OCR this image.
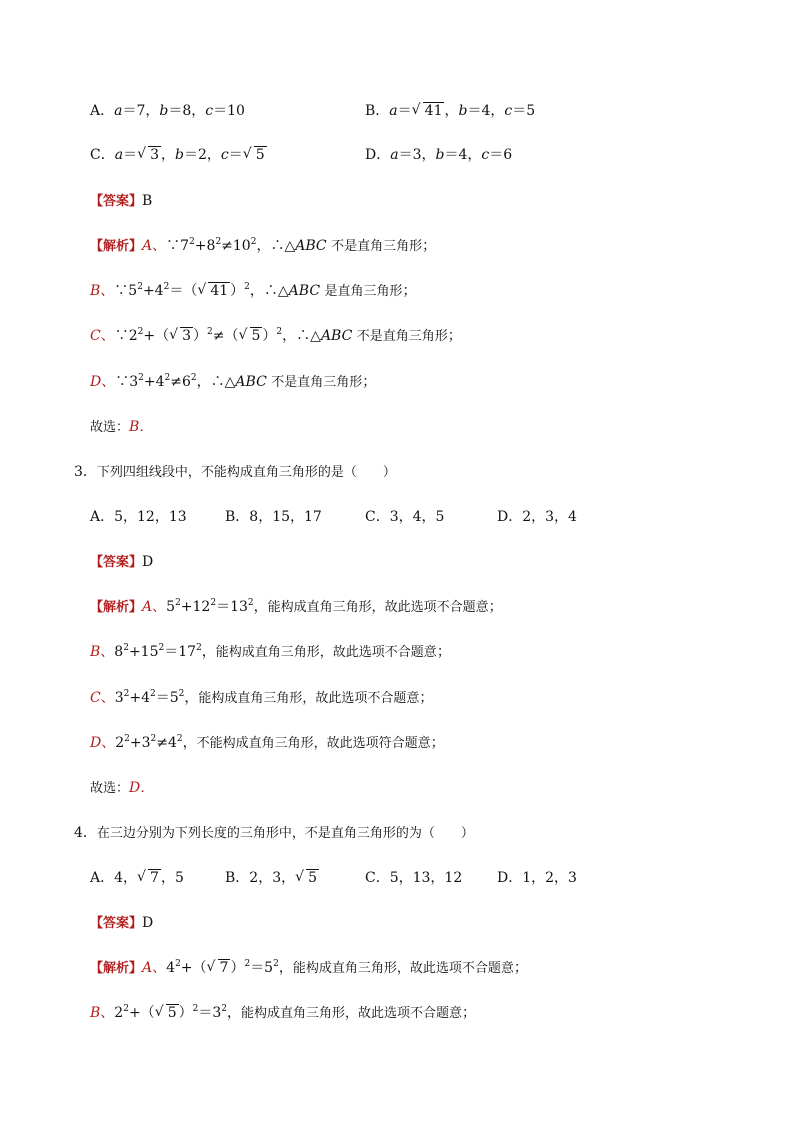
A．a＝7，b＝8，c＝10	B．a＝ √ 41 ，b＝4，c＝5
C．a＝ √ 3 ，b＝2，c＝ √ 5	D．a＝3，b＝4，c＝6
【答案】B
【解析】A、$\because 7^2+8^2\ne 10^2$，∴△ABC 不是直角三角形；
B、$\because 5^2+4^2=$（ √ 41 ）$^2$，∴△ABC 是直角三角形；
C、$\because 2^2+$（ √ 3 ）$^2$≠（ √ 5 ）$^2$，∴△ABC 不是直角三角形；
D、$\because 3^2+4^2\ne 6^2$，∴△ABC 不是直角三角形；
故选：B．
3．下列四组线段中，不能构成直角三角形的是（　　）
A．5，12，13	B．8，15，17	C．3，4，5	D．2，3，4
【答案】D
【解析】A、$5^2+12^2=13^2$，能构成直角三角形，故此选项不合题意；
B、$8^2+15^2=17^2$，能构成直角三角形，故此选项不合题意；
C、$3^2+4^2=5^2$，能构成直角三角形，故此选项不合题意；
D、$2^2+3^2\ne 4^2$，不能构成直角三角形，故此选项符合题意；
故选：D．
4．在三边分别为下列长度的三角形中，不是直角三角形的为（　　）
A．4， √ 7 ，5	B．2，3， √ 5	C．5，13，12 D．1，2，3
【答案】D
【解析】A、$4^2+$（ √ 7 ）$^2=5^2$，能构成直角三角形，故此选项不合题意；
B、$2^2+$（ √ 5 ）$^2=3^2$，能构成直角三角形，故此选项不合题意；
